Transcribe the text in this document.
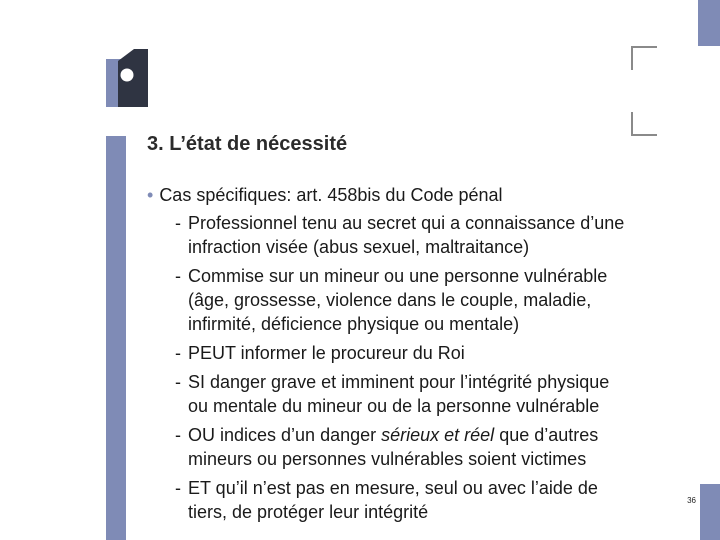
3. L’état de nécessité

• Cas spécifiques: art. 458bis du Code pénal

- Professionnel tenu au secret qui a connaissance d’une
infraction visée (abus sexuel, maltraitance)
- Commise sur un mineur ou une personne vulnérable
(âge, grossesse, violence dans le couple, maladie,
infirmité, déficience physique ou mentale)
- PEUT informer le procureur du Roi
- SI danger grave et imminent pour l’intégrité physique
ou mentale du mineur ou de la personne vulnérable
- OU indices d’un danger sérieux et réel que d’autres
mineurs ou personnes vulnérables soient victimes
- ET qu’il n’est pas en mesure, seul ou avec l’aide de
tiers, de protéger leur intégrité
36
